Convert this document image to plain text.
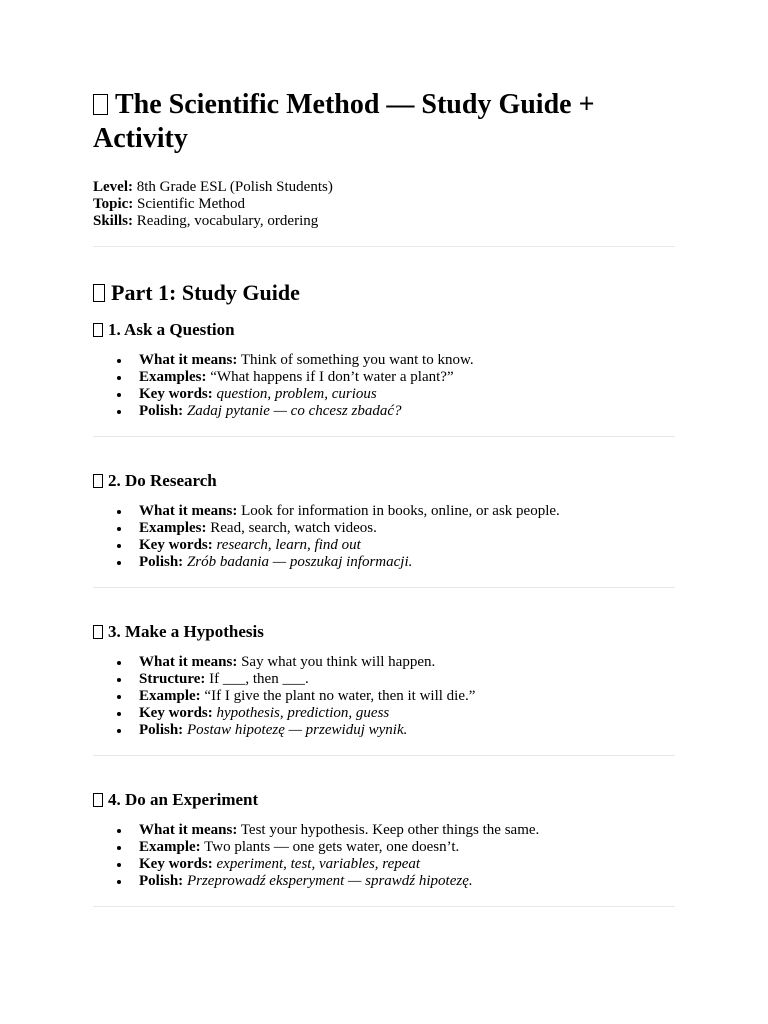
The Scientific Method — Study Guide + Activity

Level: 8th Grade ESL (Polish Students)

Topic: Scientific Method

Skills: Reading, vocabulary, ordering

Part 1: Study Guide
1. Ask a Question
What it means: Think of something you want to know.
Examples: “What happens if I don’t water a plant?”
Key words: question, problem, curious
Polish: Zadaj pytanie — co chcesz zbadać?
2. Do Research
What it means: Look for information in books, online, or ask people.
Examples: Read, search, watch videos.
Key words: research, learn, find out
Polish: Zrób badania — poszukaj informacji.
3. Make a Hypothesis
What it means: Say what you think will happen.
Structure: If ___, then ___.
Example: “If I give the plant no water, then it will die.”
Key words: hypothesis, prediction, guess
Polish: Postaw hipotezę — przewiduj wynik.
4. Do an Experiment
What it means: Test your hypothesis. Keep other things the same.
Example: Two plants — one gets water, one doesn’t.
Key words: experiment, test, variables, repeat
Polish: Przeprowadź eksperyment — sprawdź hipotezę.
